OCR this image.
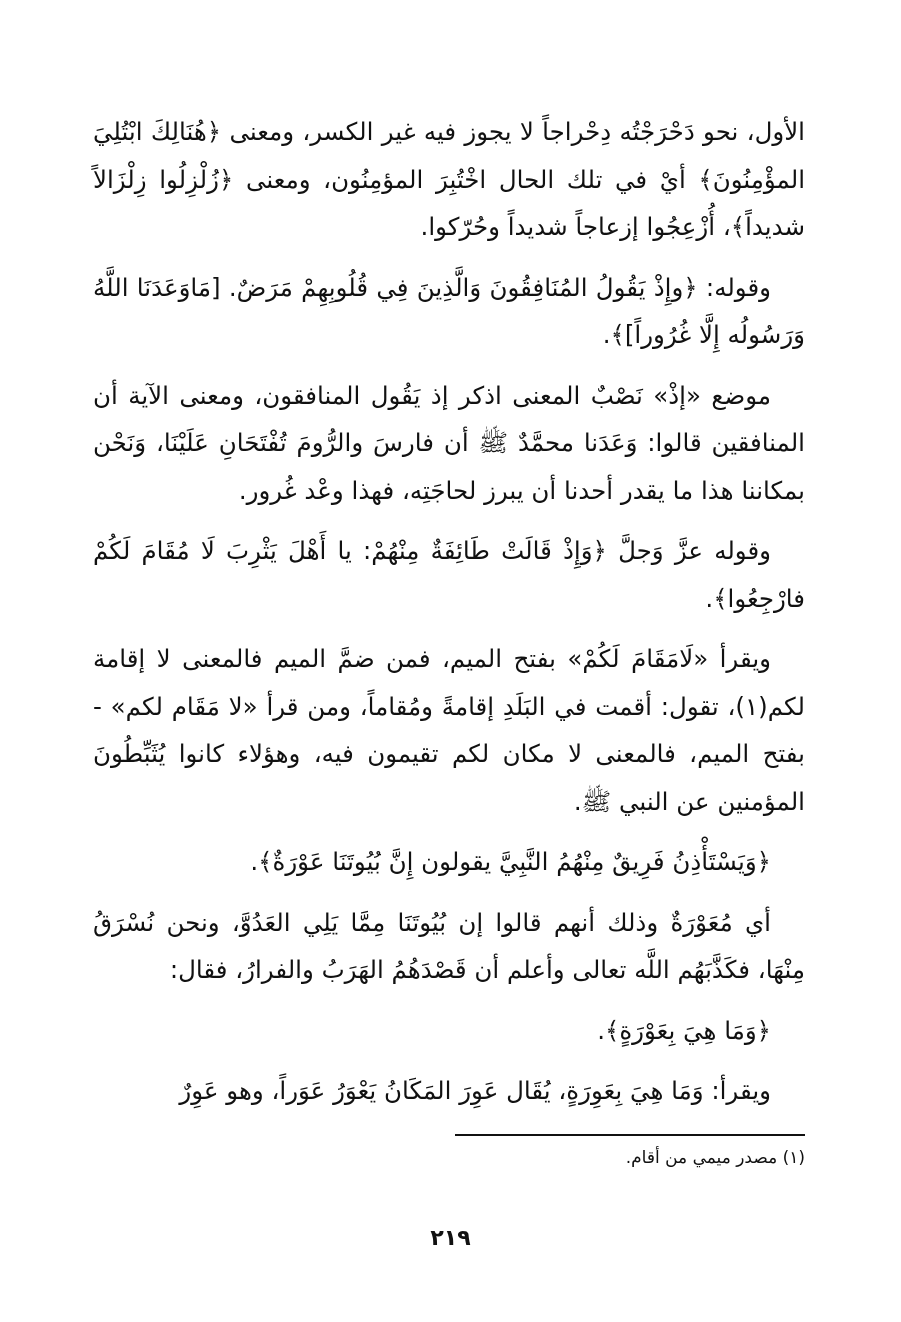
الأول، نحو دَحْرَجْتُه دِحْراجاً لا يجوز فيه غير الكسر، ومعنى ﴿هُنَالِكَ ابْتُلِيَ المؤْمِنُونَ﴾ أيْ في تلك الحال اخْتُبِرَ المؤمِنُون، ومعنى ﴿زُلْزِلُوا زِلْزَالاً شديداً﴾، أُزْعِجُوا إزعاجاً شديداً وحُرّكوا.

وقوله: ﴿وإِذْ يَقُولُ المُنَافِقُونَ وَالَّذِينَ فِي قُلُوبِهِمْ مَرَضٌ. [مَاوَعَدَنَا اللَّهُ وَرَسُولُه إِلَّا غُرُوراً]﴾.

موضع «إذْ» نَصْبٌ المعنى اذكر إذ يَقُول المنافقون، ومعنى الآية أن المنافقين قالوا: وَعَدَنا محمَّدٌ ﷺ أن فارسَ والرُّومَ تُفْتَحَانِ عَلَيْنَا، وَنَحْن بمكاننا هذا ما يقدر أحدنا أن يبرز لحاجَتِه، فهذا وعْد غُرور.

وقوله عزَّ وَجلَّ ﴿وَإِذْ قَالَتْ طَائِفَةٌ مِنْهُمْ: يا أَهْلَ يَثْرِبَ لَا مُقَامَ لَكُمْ فارْجِعُوا﴾.

ويقرأ «لَامَقَامَ لَكُمْ» بفتح الميم، فمن ضمَّ الميم فالمعنى لا إقامة لكم(١)، تقول: أقمت في البَلَدِ إقامةً ومُقاماً، ومن قرأ «لا مَقَام لكم» - بفتح الميم، فالمعنى لا مكان لكم تقيمون فيه، وهؤلاء كانوا يُثَبِّطُونَ المؤمنين عن النبي ﷺ.

﴿وَيَسْتَأْذِنُ فَرِيقٌ مِنْهُمُ النَّبِيَّ يقولون إِنَّ بُيُوتَنَا عَوْرَةٌ﴾.

أي مُعَوْرَةٌ وذلك أنهم قالوا إن بُيُوتَنَا مِمَّا يَلِي العَدُوَّ، ونحن نُسْرَقُ مِنْهَا، فكَذَّبَهُم اللَّه تعالى وأعلم أن قَصْدَهُمُ الهَرَبُ والفرارُ، فقال:

﴿وَمَا هِيَ بِعَوْرَةٍ﴾.

ويقرأ: وَمَا هِيَ بِعَوِرَةٍ، يُقَال عَوِرَ المَكَانُ يَعْوَرُ عَوَراً، وهو عَوِرٌ

(١) مصدر ميمي من أقام.
٢١٩
